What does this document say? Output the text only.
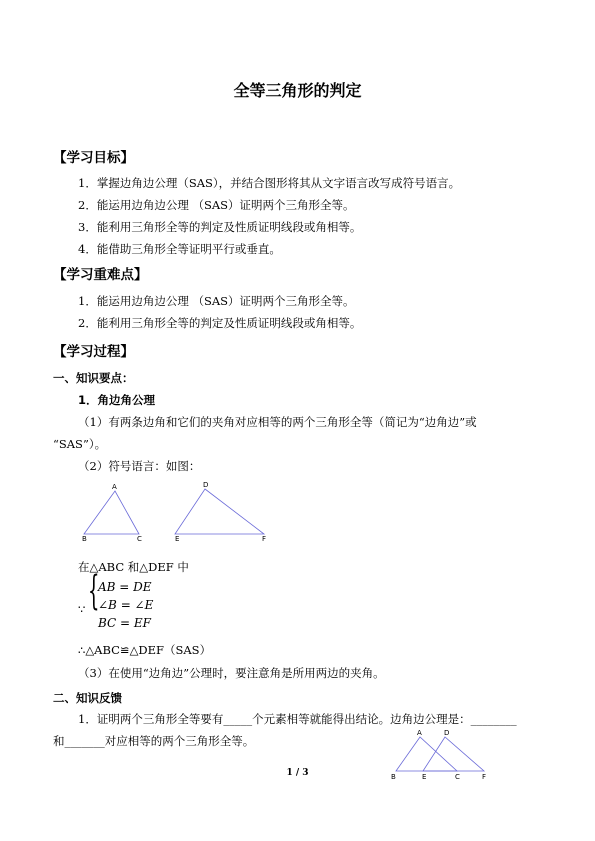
全等三角形的判定
【学习目标】
1．掌握边角边公理（SAS），并结合图形将其从文字语言改写成符号语言。
2．能运用边角边公理 （SAS）证明两个三角形全等。
3．能利用三角形全等的判定及性质证明线段或角相等。
4．能借助三角形全等证明平行或垂直。
【学习重难点】
1．能运用边角边公理 （SAS）证明两个三角形全等。
2．能利用三角形全等的判定及性质证明线段或角相等。
【学习过程】
一、知识要点：
1．角边角公理
（1）有两条边角和它们的夹角对应相等的两个三角形全等（简记为“边角边”或
“SAS”）。
（2）符号语言：如图：
A
B	C
D
E	F
在△ABC 和△DEF 中
∵ {
AB = DE
∠B = ∠E
BC = EF
∴△ABC≌△DEF（SAS）
（3）在使用“边角边”公理时，要注意角是所用两边的夹角。
二、知识反馈
1．证明两个三角形全等要有_____个元素相等就能得出结论。边角边公理是：________
和_______对应相等的两个三角形全等。
A	D
B	E	C	F
1 / 3
